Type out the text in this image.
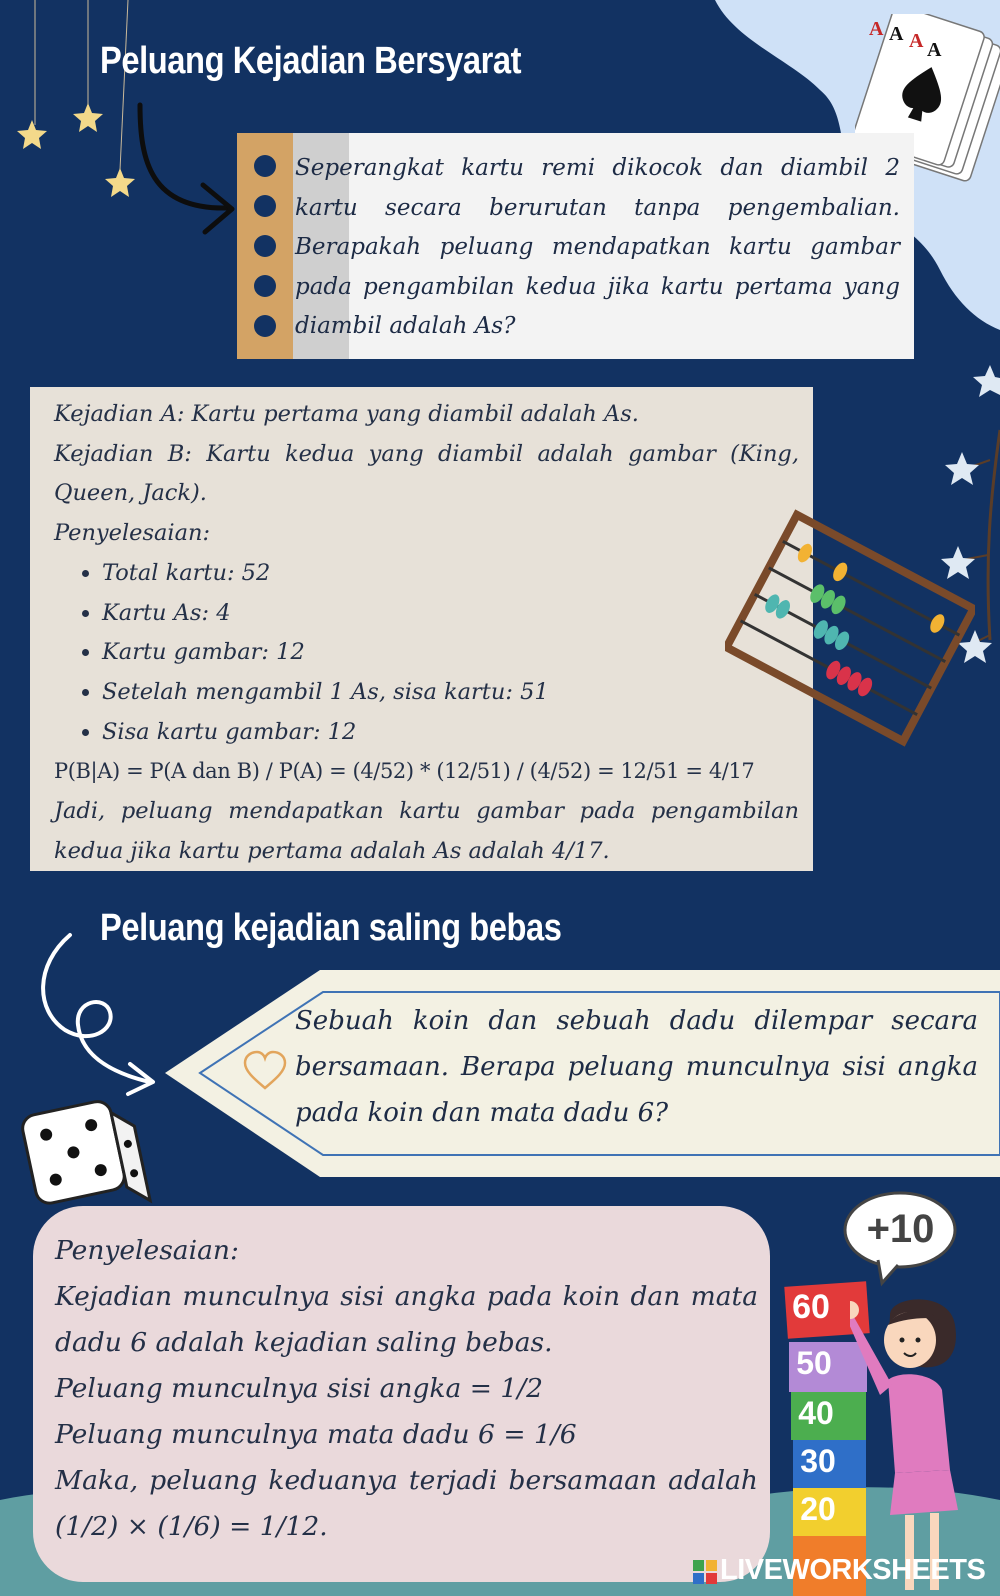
A A A A
Peluang Kejadian Bersyarat
Seperangkat kartu remi dikocok dan diambil 2 kartu secara berurutan tanpa pengembalian. Berapakah peluang mendapatkan kartu gambar pada pengambilan kedua jika kartu pertama yang diambil adalah As?
Kejadian A: Kartu pertama yang diambil adalah As.
Kejadian B: Kartu kedua yang diambil adalah gambar (King, Queen, Jack).
Penyelesaian:
• Total kartu: 52
• Kartu As: 4
• Kartu gambar: 12
• Setelah mengambil 1 As, sisa kartu: 51
• Sisa kartu gambar: 12
P(B|A) = P(A dan B) / P(A) = (4/52) * (12/51) / (4/52) = 12/51 = 4/17
Jadi, peluang mendapatkan kartu gambar pada pengambilan kedua jika kartu pertama adalah As adalah 4/17.
Peluang kejadian saling bebas
Sebuah koin dan sebuah dadu dilempar secara bersamaan. Berapa peluang munculnya sisi angka pada koin dan mata dadu 6?
Penyelesaian:
Kejadian munculnya sisi angka pada koin dan mata dadu 6 adalah kejadian saling bebas.
Peluang munculnya sisi angka = 1/2
Peluang munculnya mata dadu 6 = 1/6
Maka, peluang keduanya terjadi bersamaan adalah (1/2) × (1/6) = 1/12.
+10
60
50
40
30
20
LIVEWORKSHEETS
